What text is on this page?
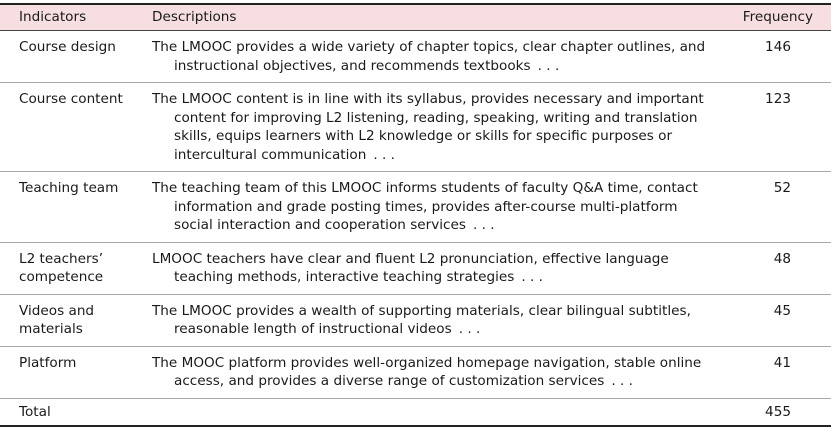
Indicators	Descriptions	Frequency
Course design	The LMOOC provides a wide variety of chapter topics, clear chapter outlines, and instructional objectives, and recommends textbooks  . . .	146
Course content	The LMOOC content is in line with its syllabus, provides necessary and important content for improving L2 listening, reading, speaking, writing and translation skills, equips learners with L2 knowledge or skills for specific purposes or intercultural communication  . . .	123
Teaching team	The teaching team of this LMOOC informs students of faculty Q&A time, contact information and grade posting times, provides after-course multi-platform social interaction and cooperation services  . . .	52
L2 teachers’ competence	LMOOC teachers have clear and fluent L2 pronunciation, effective language teaching methods, interactive teaching strategies  . . .	48
Videos and materials	The LMOOC provides a wealth of supporting materials, clear bilingual subtitles, reasonable length of instructional videos  . . .	45
Platform	The MOOC platform provides well-organized homepage navigation, stable online access, and provides a diverse range of customization services  . . .	41
Total		455
